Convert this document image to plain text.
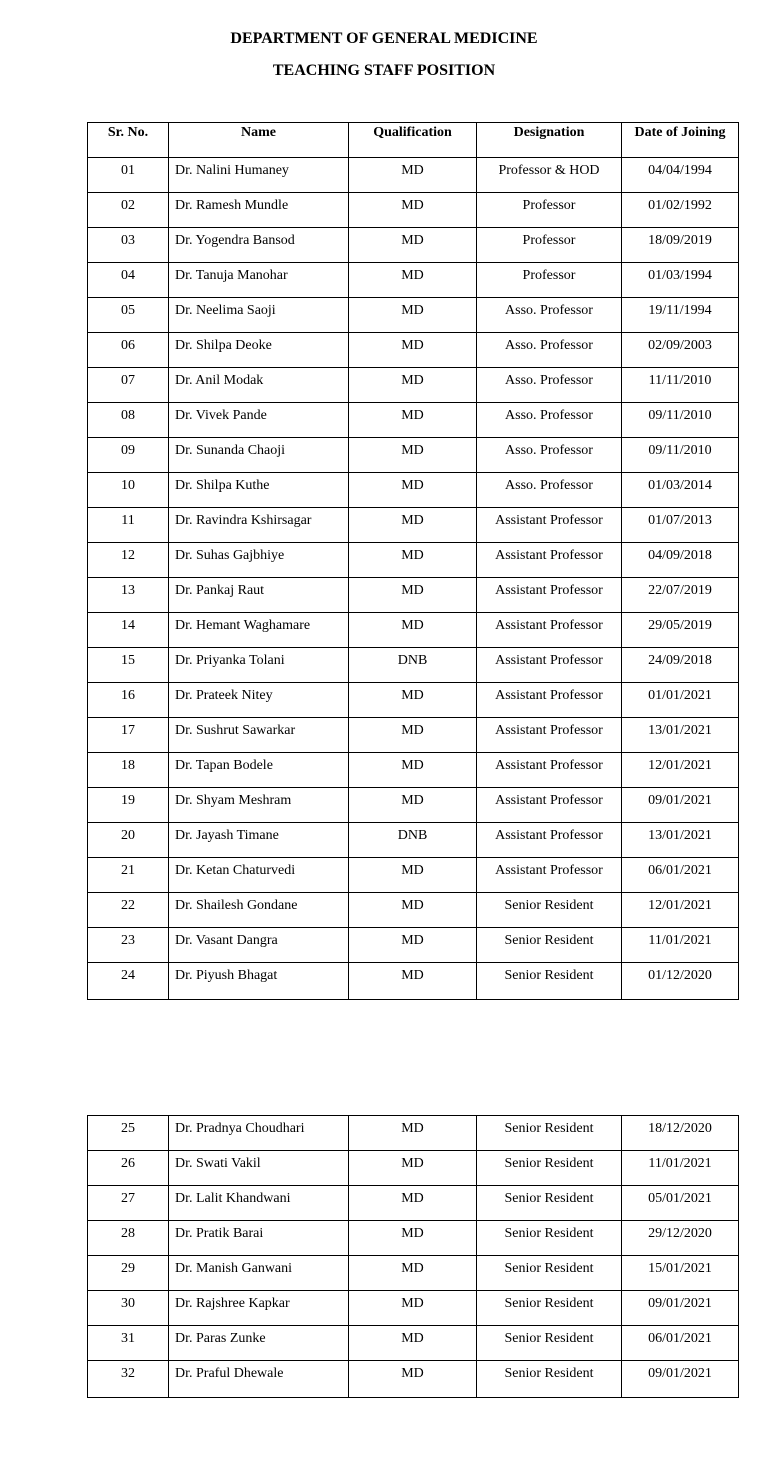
DEPARTMENT OF GENERAL MEDICINE
TEACHING STAFF POSITION
Sr. No.	Name	Qualification	Designation	Date of Joining
01	Dr. Nalini Humaney	MD	Professor & HOD	04/04/1994
02	Dr. Ramesh Mundle	MD	Professor	01/02/1992
03	Dr. Yogendra Bansod	MD	Professor	18/09/2019
04	Dr. Tanuja Manohar	MD	Professor	01/03/1994
05	Dr. Neelima Saoji	MD	Asso. Professor	19/11/1994
06	Dr. Shilpa Deoke	MD	Asso. Professor	02/09/2003
07	Dr. Anil Modak	MD	Asso. Professor	11/11/2010
08	Dr. Vivek Pande	MD	Asso. Professor	09/11/2010
09	Dr. Sunanda Chaoji	MD	Asso. Professor	09/11/2010
10	Dr. Shilpa Kuthe	MD	Asso. Professor	01/03/2014
11	Dr. Ravindra Kshirsagar	MD	Assistant Professor	01/07/2013
12	Dr. Suhas Gajbhiye	MD	Assistant Professor	04/09/2018
13	Dr. Pankaj Raut	MD	Assistant Professor	22/07/2019
14	Dr. Hemant Waghamare	MD	Assistant Professor	29/05/2019
15	Dr. Priyanka Tolani	DNB	Assistant Professor	24/09/2018
16	Dr. Prateek Nitey	MD	Assistant Professor	01/01/2021
17	Dr. Sushrut Sawarkar	MD	Assistant Professor	13/01/2021
18	Dr. Tapan Bodele	MD	Assistant Professor	12/01/2021
19	Dr. Shyam Meshram	MD	Assistant Professor	09/01/2021
20	Dr. Jayash Timane	DNB	Assistant Professor	13/01/2021
21	Dr. Ketan Chaturvedi	MD	Assistant Professor	06/01/2021
22	Dr. Shailesh Gondane	MD	Senior Resident	12/01/2021
23	Dr. Vasant Dangra	MD	Senior Resident	11/01/2021
24	Dr. Piyush Bhagat	MD	Senior Resident	01/12/2020
25	Dr. Pradnya Choudhari	MD	Senior Resident	18/12/2020
26	Dr. Swati Vakil	MD	Senior Resident	11/01/2021
27	Dr. Lalit Khandwani	MD	Senior Resident	05/01/2021
28	Dr. Pratik Barai	MD	Senior Resident	29/12/2020
29	Dr. Manish Ganwani	MD	Senior Resident	15/01/2021
30	Dr. Rajshree Kapkar	MD	Senior Resident	09/01/2021
31	Dr. Paras Zunke	MD	Senior Resident	06/01/2021
32	Dr. Praful Dhewale	MD	Senior Resident	09/01/2021
